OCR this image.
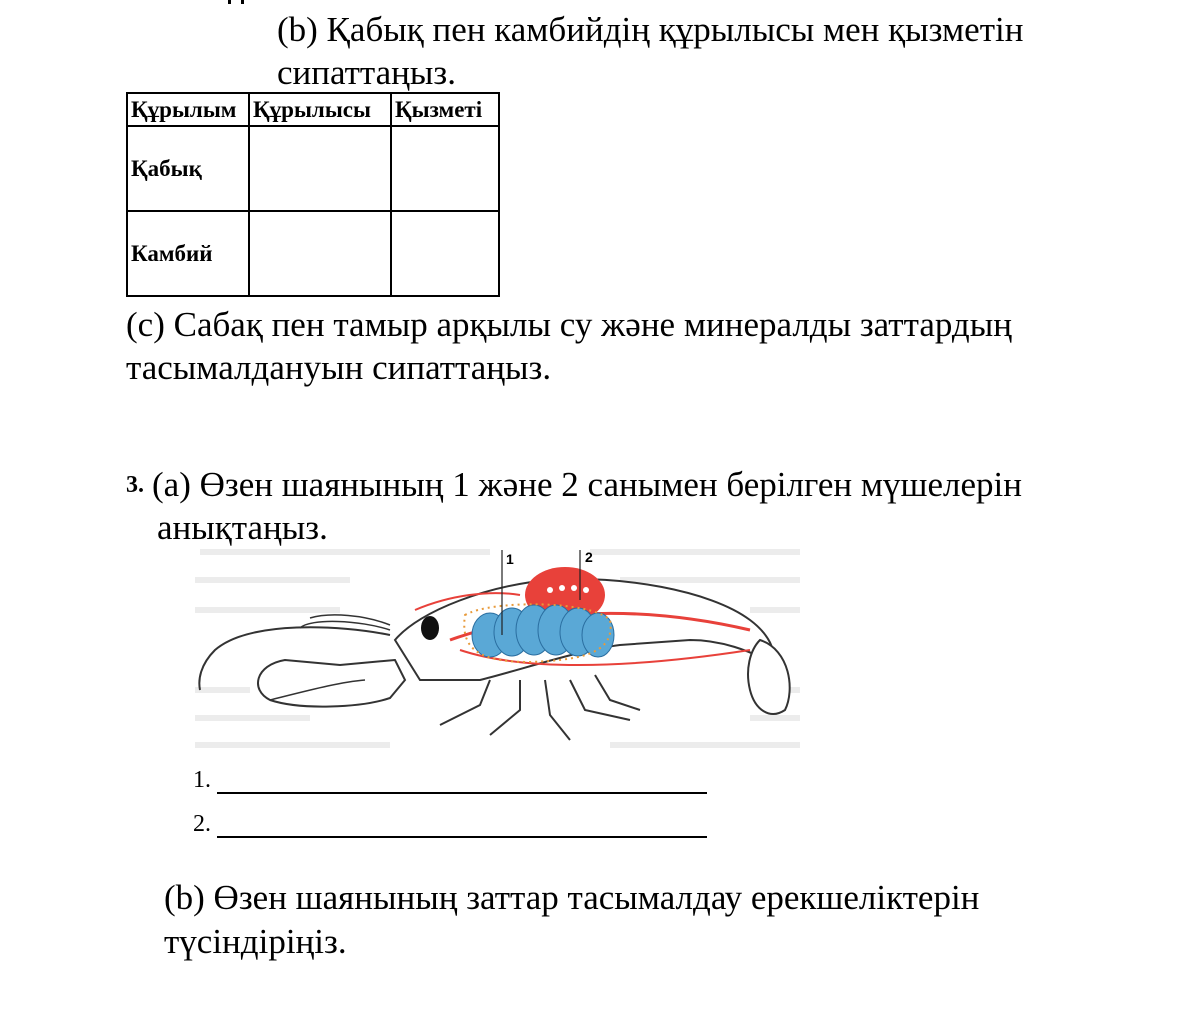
(b) Қабық пен камбийдің құрылысы мен қызметін
сипаттаңыз.
Құрылым	Құрылысы	Қызметі
Қабық		
Камбий		
(с) Сабақ пен тамыр арқылы су және минералды заттардың
тасымалдануын сипаттаңыз.
3. (а) Өзен шаянының 1 және 2 санымен берілген мүшелерін
анықтаңыз.
1	2
1.
2.
(b) Өзен шаянының заттар тасымалдау ерекшеліктерін
түсіндіріңіз.
